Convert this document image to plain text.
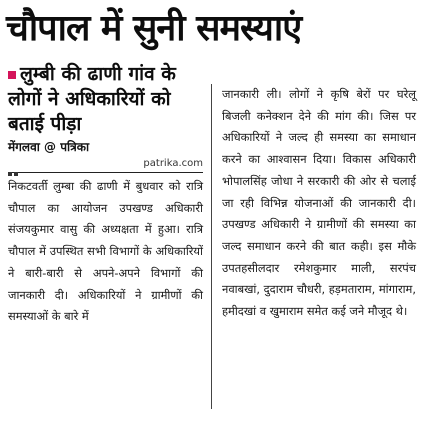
चौपाल में सुनी समस्याएं

लुम्बी की ढाणी गांव के लोगों ने अधिकारियों को बताई पीड़ा

मेंगलवा @ पत्रिका
patrika.com

निकटवर्ती लुम्बा की ढाणी में बुधवार को रात्रि चौपाल का आयोजन उपखण्ड अधिकारी संजयकुमार वासु की अध्यक्षता में हुआ। रात्रि चौपाल में उपस्थित सभी विभागों के अधिकारियों ने बारी-बारी से अपने-अपने विभागों की जानकारी दी। अधिकारियों ने ग्रामीणों की समस्याओं के बारे में

जानकारी ली। लोगों ने कृषि बेरों पर घरेलू बिजली कनेक्शन देने की मांग की। जिस पर अधिकारियों ने जल्द ही समस्या का समाधान करने का आश्वासन दिया। विकास अधिकारी भोपालसिंह जोधा ने सरकारी की ओर से चलाई जा रही विभिन्न योजनाओं की जानकारी दी। उपखण्ड अधिकारी ने ग्रामीणों की समस्या का जल्द समाधान करने की बात कही। इस मौके उपतहसीलदार रमेशकुमार माली, सरपंच नवाबखां, दुदाराम चौधरी, हड़मताराम, मांगाराम, हमीदखां व खुमाराम समेत कई जने मौजूद थे।
